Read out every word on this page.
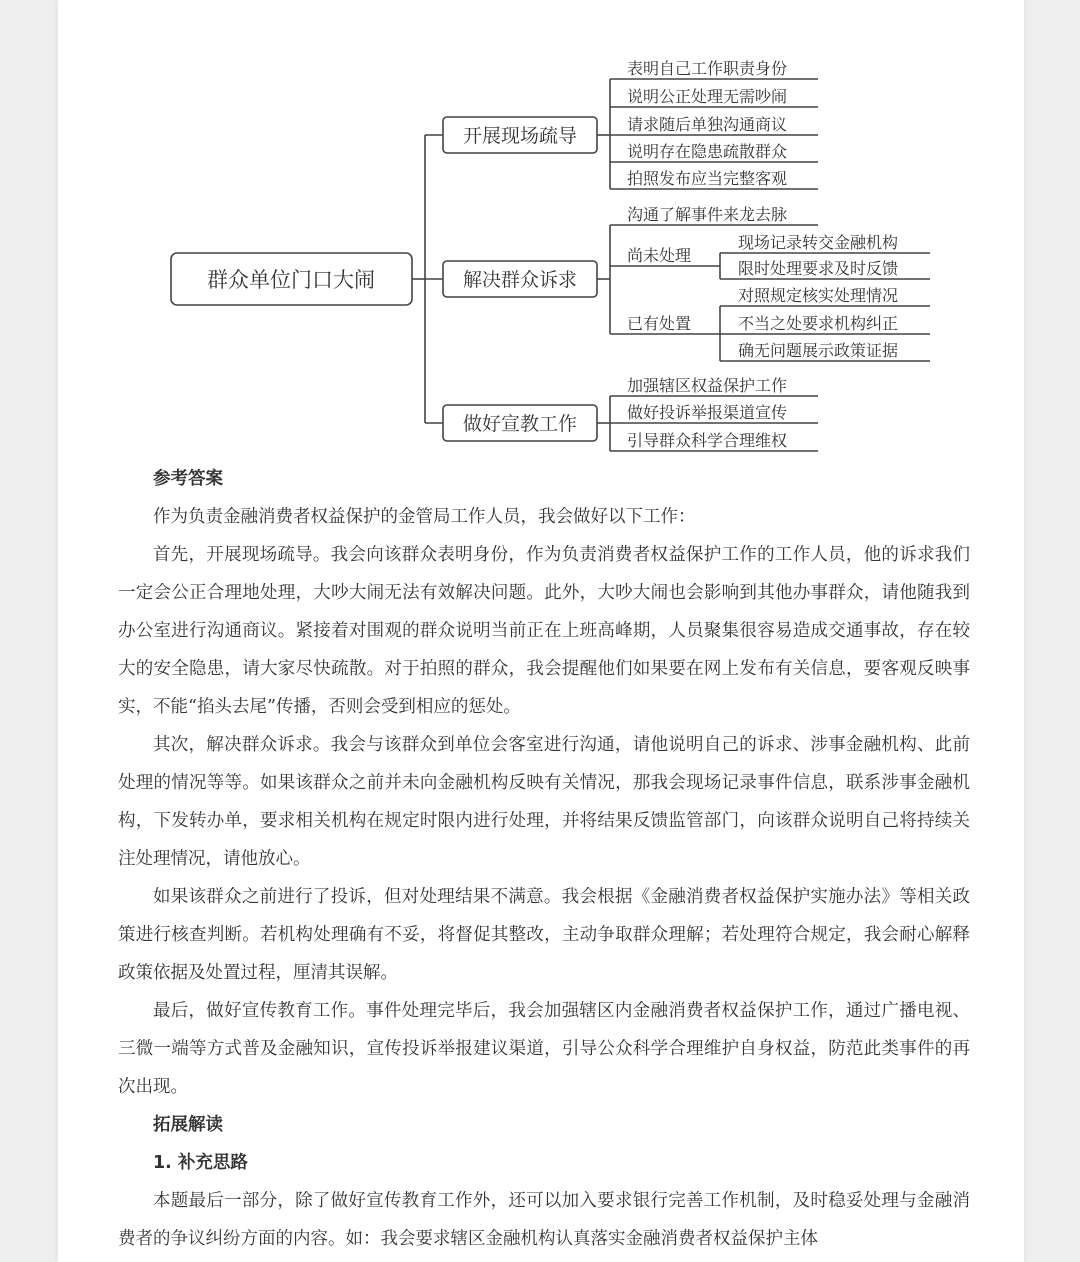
群众单位门口大闹
开展现场疏导
表明自己工作职责身份
说明公正处理无需吵闹
请求随后单独沟通商议
说明存在隐患疏散群众
拍照发布应当完整客观
解决群众诉求
沟通了解事件来龙去脉
尚未处理
现场记录转交金融机构
限时处理要求及时反馈
已有处置
对照规定核实处理情况
不当之处要求机构纠正
确无问题展示政策证据
做好宣教工作
加强辖区权益保护工作
做好投诉举报渠道宣传
引导群众科学合理维权
参考答案

作为负责金融消费者权益保护的金管局工作人员，我会做好以下工作：

首先，开展现场疏导。我会向该群众表明身份，作为负责消费者权益保护工作的工作人员，他的诉求我们一定会公正合理地处理，大吵大闹无法有效解决问题。此外，大吵大闹也会影响到其他办事群众，请他随我到办公室进行沟通商议。紧接着对围观的群众说明当前正在上班高峰期，人员聚集很容易造成交通事故，存在较大的安全隐患，请大家尽快疏散。对于拍照的群众，我会提醒他们如果要在网上发布有关信息，要客观反映事实，不能“掐头去尾”传播，否则会受到相应的惩处。

其次，解决群众诉求。我会与该群众到单位会客室进行沟通，请他说明自己的诉求、涉事金融机构、此前处理的情况等等。如果该群众之前并未向金融机构反映有关情况，那我会现场记录事件信息，联系涉事金融机构，下发转办单，要求相关机构在规定时限内进行处理，并将结果反馈监管部门，向该群众说明自己将持续关注处理情况，请他放心。

如果该群众之前进行了投诉，但对处理结果不满意。我会根据《金融消费者权益保护实施办法》等相关政策进行核查判断。若机构处理确有不妥，将督促其整改，主动争取群众理解；若处理符合规定，我会耐心解释政策依据及处置过程，厘清其误解。

最后，做好宣传教育工作。事件处理完毕后，我会加强辖区内金融消费者权益保护工作，通过广播电视、三微一端等方式普及金融知识，宣传投诉举报建议渠道，引导公众科学合理维护自身权益，防范此类事件的再次出现。

拓展解读
1. 补充思路

本题最后一部分，除了做好宣传教育工作外，还可以加入要求银行完善工作机制，及时稳妥处理与金融消费者的争议纠纷方面的内容。如：我会要求辖区金融机构认真落实金融消费者权益保护主体
